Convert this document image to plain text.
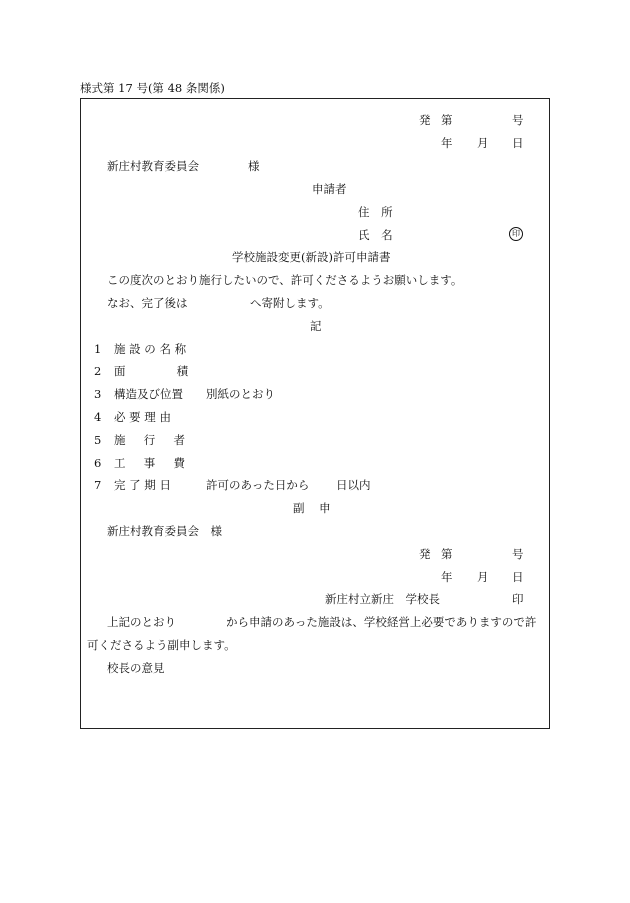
様式第 17 号(第 48 条関係)
発 第	号
年 月 日
新庄村教育委員会	様
申請者
住 所
氏 名	印
学校施設変更(新設)許可申請書
この度次のとおり施行したいので、許可くださるようお願いします。
なお、完了後は	へ寄附します。
記
1 施 設 の 名 称
2 面              積
3 構造及び位置 別紙のとおり
4 必 要 理 由
5 施     行     者
6 工     事     費
7 完 了 期 日	許可のあった日から 日以内
副    申
新庄村教育委員会　様
発 第	号
年 月 日
新庄村立新庄　学校長	印
上記のとおり	から申請のあった施設は、学校経営上必要でありますので許
可くださるよう副申します。
校長の意見
